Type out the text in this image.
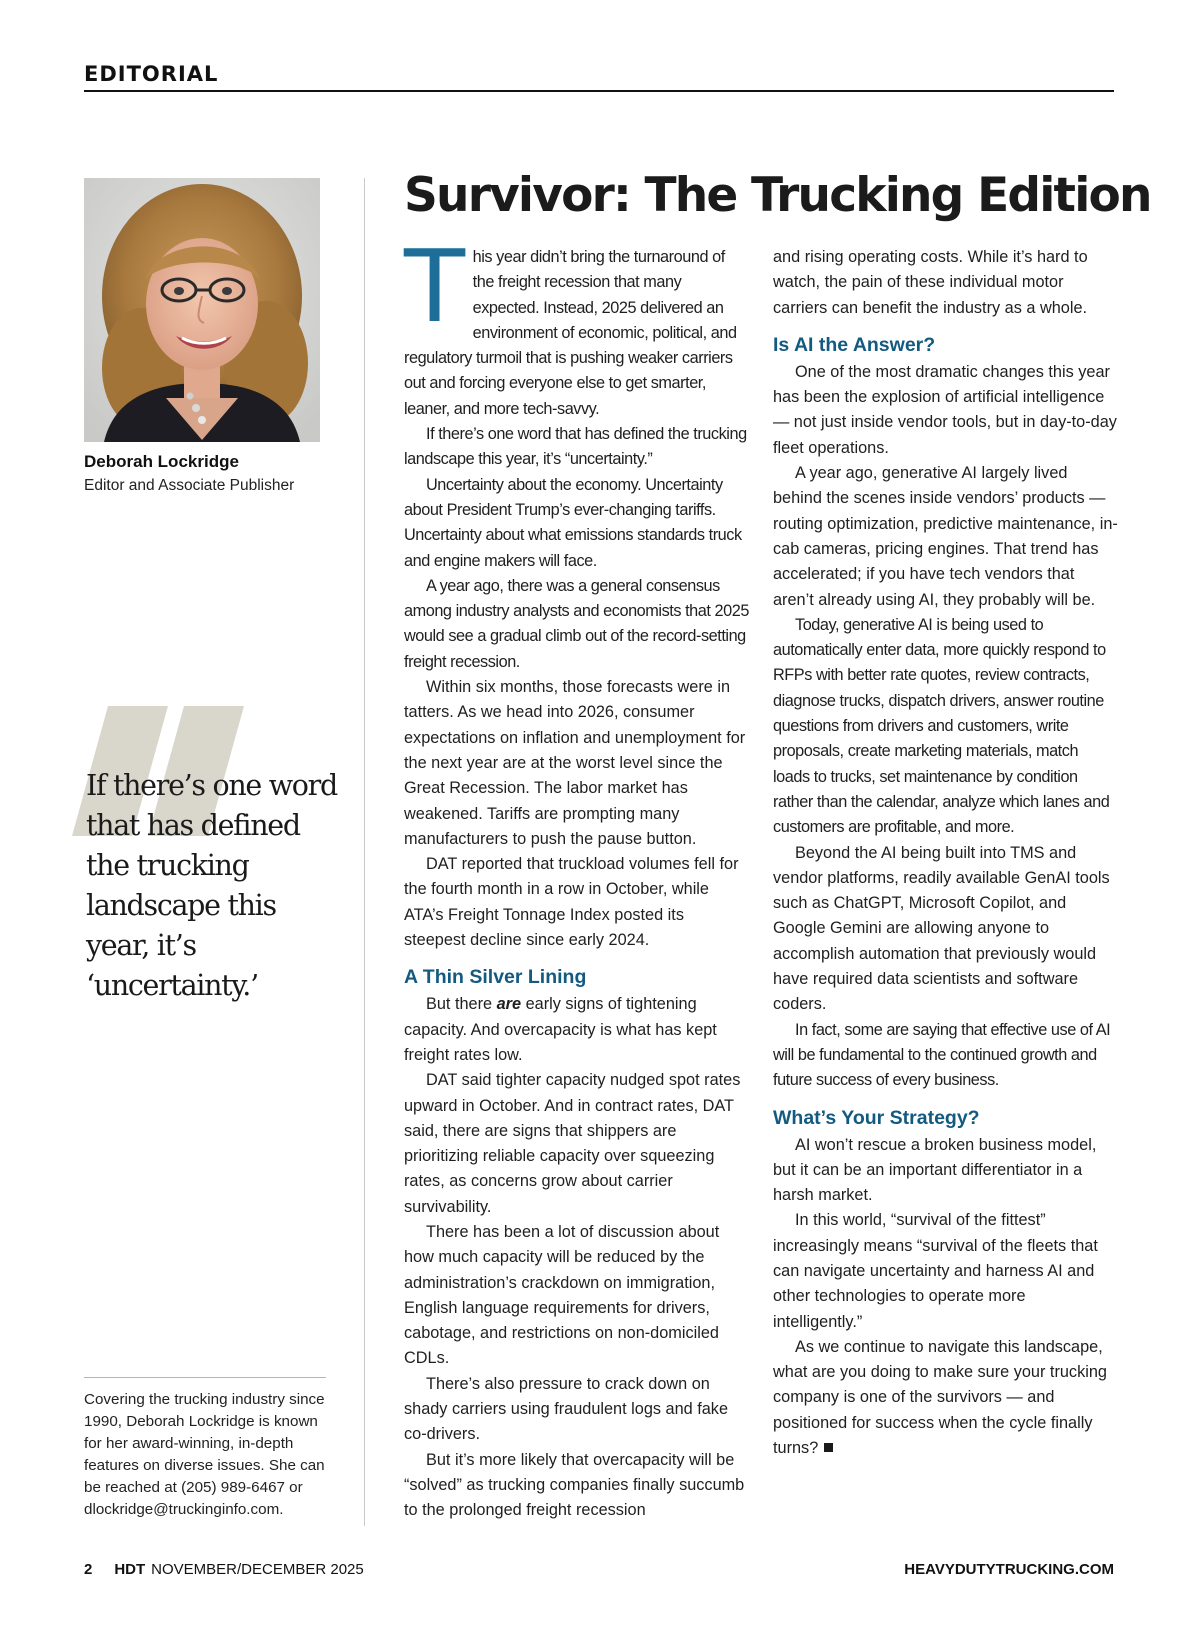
EDITORIAL
Deborah Lockridge
Editor and Associate Publisher
If there’s one word that has defined the trucking landscape this year, it’s ‘uncertainty.’
Covering the trucking industry since 1990, Deborah Lockridge is known for her award-winning, in-depth features on diverse issues. She can be reached at (205) 989-6467 or dlockridge@truckinginfo.com.
Survivor: The Trucking Edition

This year didn’t bring the turnaround of the freight recession that many expected. Instead, 2025 delivered an environment of economic, political, and regulatory turmoil that is pushing weaker carriers out and forcing everyone else to get smarter, leaner, and more tech-savvy.

If there’s one word that has defined the trucking landscape this year, it’s “uncertainty.”

Uncertainty about the economy. Uncertainty about President Trump’s ever-changing tariffs. Uncertainty about what emissions standards truck and engine makers will face.

A year ago, there was a general consensus among industry analysts and economists that 2025 would see a gradual climb out of the record-setting freight recession.

Within six months, those forecasts were in tatters. As we head into 2026, consumer expectations on inflation and unemployment for the next year are at the worst level since the Great Recession. The labor market has weakened. Tariffs are prompting many manufacturers to push the pause button.

DAT reported that truckload volumes fell for the fourth month in a row in October, while ATA’s Freight Tonnage Index posted its steepest decline since early 2024.

A Thin Silver Lining

But there are early signs of tightening capacity. And overcapacity is what has kept freight rates low.

DAT said tighter capacity nudged spot rates upward in October. And in contract rates, DAT said, there are signs that shippers are prioritizing reliable capacity over squeezing rates, as concerns grow about carrier survivability.

There has been a lot of discussion about how much capacity will be reduced by the administration’s crackdown on immigration, English language requirements for drivers, cabotage, and restrictions on non-domiciled CDLs.

There’s also pressure to crack down on shady carriers using fraudulent logs and fake co-drivers.

But it’s more likely that overcapacity will be “solved” as trucking companies finally succumb to the prolonged freight recession

and rising operating costs. While it’s hard to watch, the pain of these individual motor carriers can benefit the industry as a whole.

Is AI the Answer?

One of the most dramatic changes this year has been the explosion of artificial intelligence — not just inside vendor tools, but in day-to-day fleet operations.

A year ago, generative AI largely lived behind the scenes inside vendors’ products — routing optimization, predictive maintenance, in-cab cameras, pricing engines. That trend has accelerated; if you have tech vendors that aren’t already using AI, they probably will be.

Today, generative AI is being used to automatically enter data, more quickly respond to RFPs with better rate quotes, review contracts, diagnose trucks, dispatch drivers, answer routine questions from drivers and customers, write proposals, create marketing materials, match loads to trucks, set maintenance by condition rather than the calendar, analyze which lanes and customers are profitable, and more.

Beyond the AI being built into TMS and vendor platforms, readily available GenAI tools such as ChatGPT, Microsoft Copilot, and Google Gemini are allowing anyone to accomplish automation that previously would have required data scientists and software coders.

In fact, some are saying that effective use of AI will be fundamental to the continued growth and future success of every business.

What’s Your Strategy?

AI won’t rescue a broken business model, but it can be an important differentiator in a harsh market.

In this world, “survival of the fittest” increasingly means “survival of the fleets that can navigate uncertainty and harness AI and other technologies to operate more intelligently.”

As we continue to navigate this landscape, what are you doing to make sure your trucking company is one of the survivors — and positioned for success when the cycle finally turns?

2 HDT NOVEMBER/DECEMBER 2025	HEAVYDUTYTRUCKING.COM
